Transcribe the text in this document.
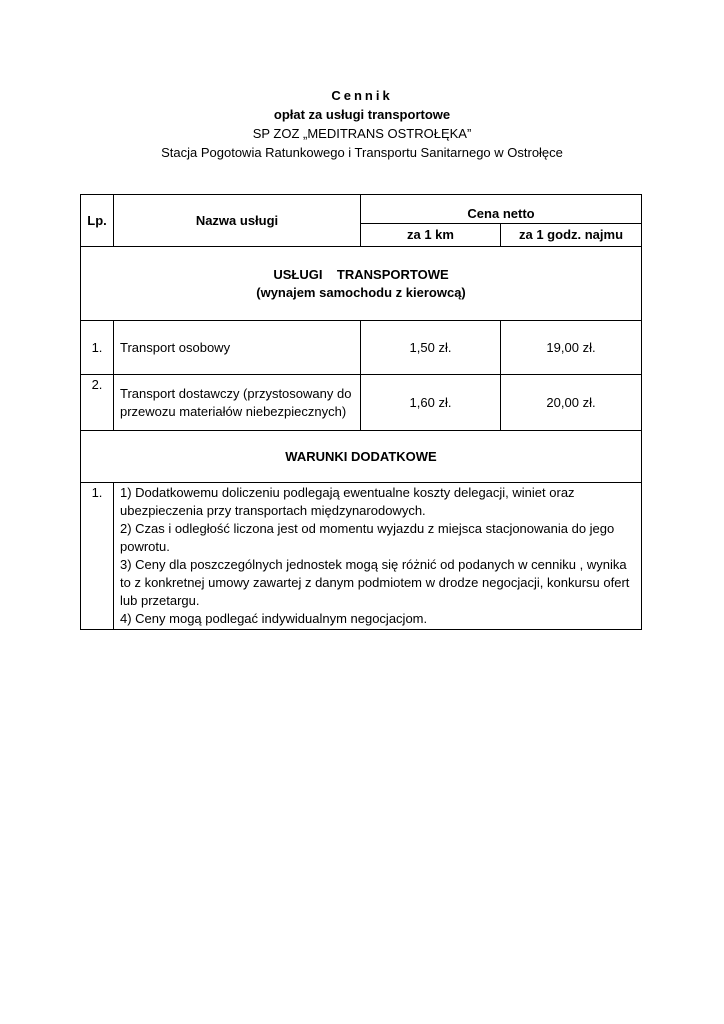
Cennik
opłat za usługi transportowe
SP ZOZ „MEDITRANS OSTROŁĘKA”
Stacja Pogotowia Ratunkowego i Transportu Sanitarnego w Ostrołęce
Lp.	Nazwa usługi	Cena netto	
		za 1 km	za 1 godz. najmu

USŁUGI    TRANSPORTOWE
(wynajem samochodu z kierowcą)			

1.	Transport osobowy	1,50 zł.	19,00 zł.
2.	Transport dostawczy (przystosowany do przewozu materiałów niebezpiecznych)	1,60 zł.	20,00 zł.
WARUNKI DODATKOWE			
1.	1) Dodatkowemu doliczeniu podlegają ewentualne koszty delegacji, winiet oraz ubezpieczenia przy transportach międzynarodowych.
2) Czas i odległość liczona jest od momentu wyjazdu z miejsca stacjonowania do jego powrotu.
3) Ceny dla poszczególnych jednostek mogą się różnić od podanych w cenniku , wynika to z konkretnej umowy zawartej z danym podmiotem w drodze negocjacji, konkursu ofert lub przetargu.
4) Ceny mogą podlegać indywidualnym negocjacjom.		
